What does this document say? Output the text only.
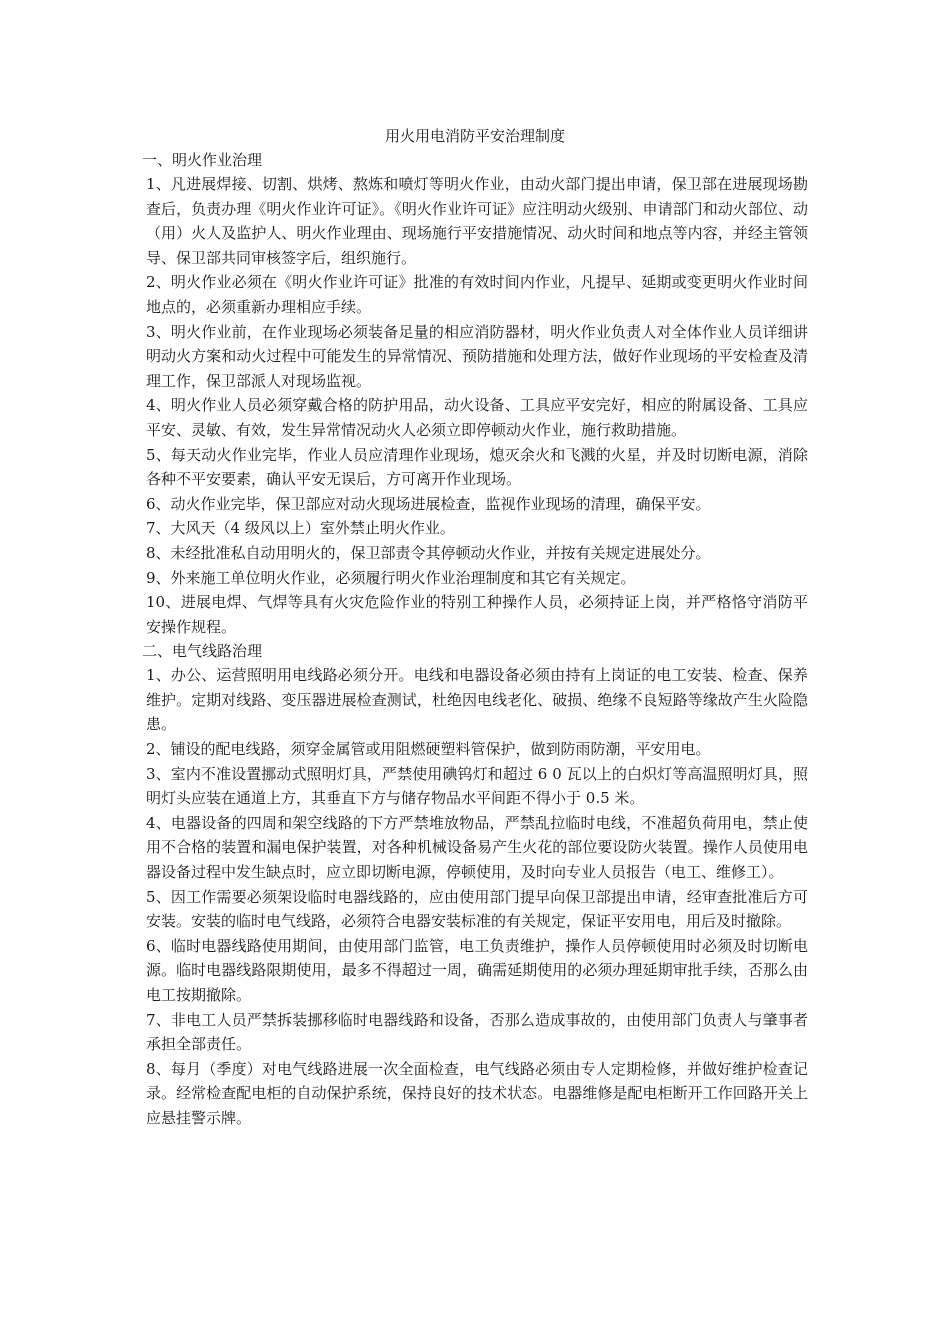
用火用电消防平安治理制度
一、明火作业治理

1、凡进展焊接、切割、烘烤、熬炼和喷灯等明火作业，由动火部门提出申请，保卫部在进展现场勘查后，负责办理《明火作业许可证》。《明火作业许可证》应注明动火级别、申请部门和动火部位、动（用）火人及监护人、明火作业理由、现场施行平安措施情况、动火时间和地点等内容，并经主管领导、保卫部共同审核签字后，组织施行。

2、明火作业必须在《明火作业许可证》批准的有效时间内作业，凡提早、延期或变更明火作业时间地点的，必须重新办理相应手续。

3、明火作业前，在作业现场必须装备足量的相应消防器材，明火作业负责人对全体作业人员详细讲明动火方案和动火过程中可能发生的异常情况、预防措施和处理方法，做好作业现场的平安检查及清理工作，保卫部派人对现场监视。

4、明火作业人员必须穿戴合格的防护用品，动火设备、工具应平安完好，相应的附属设备、工具应平安、灵敏、有效，发生异常情况动火人必须立即停顿动火作业，施行救助措施。

5、每天动火作业完毕，作业人员应清理作业现场，熄灭余火和飞溅的火星，并及时切断电源，消除各种不平安要素，确认平安无误后，方可离开作业现场。

6、动火作业完毕，保卫部应对动火现场进展检查，监视作业现场的清理，确保平安。

7、大风天（4 级风以上）室外禁止明火作业。

8、未经批准私自动用明火的，保卫部责令其停顿动火作业，并按有关规定进展处分。

9、外来施工单位明火作业，必须履行明火作业治理制度和其它有关规定。

10、进展电焊、气焊等具有火灾危险作业的特别工种操作人员，必须持证上岗，并严格恪守消防平安操作规程。

二、电气线路治理

1、办公、运营照明用电线路必须分开。电线和电器设备必须由持有上岗证的电工安装、检查、保养维护。定期对线路、变压器进展检查测试，杜绝因电线老化、破损、绝缘不良短路等缘故产生火险隐患。

2、铺设的配电线路，须穿金属管或用阻燃硬塑料管保护，做到防雨防潮，平安用电。

3、室内不准设置挪动式照明灯具，严禁使用碘钨灯和超过 6 0 瓦以上的白炽灯等高温照明灯具，照明灯头应装在通道上方，其垂直下方与储存物品水平间距不得小于 0.5 米。

4、电器设备的四周和架空线路的下方严禁堆放物品，严禁乱拉临时电线，不准超负荷用电，禁止使用不合格的装置和漏电保护装置，对各种机械设备易产生火花的部位要设防火装置。操作人员使用电器设备过程中发生缺点时，应立即切断电源，停顿使用，及时向专业人员报告（电工、维修工）。

5、因工作需要必须架设临时电器线路的，应由使用部门提早向保卫部提出申请，经审查批准后方可安装。安装的临时电气线路，必须符合电器安装标准的有关规定，保证平安用电，用后及时撤除。

6、临时电器线路使用期间，由使用部门监管，电工负责维护，操作人员停顿使用时必须及时切断电源。临时电器线路限期使用，最多不得超过一周，确需延期使用的必须办理延期审批手续，否那么由电工按期撤除。

7、非电工人员严禁拆装挪移临时电器线路和设备，否那么造成事故的，由使用部门负责人与肇事者承担全部责任。

8、每月（季度）对电气线路进展一次全面检查，电气线路必须由专人定期检修，并做好维护检查记录。经常检查配电柜的自动保护系统，保持良好的技术状态。电器维修是配电柜断开工作回路开关上应悬挂警示牌。
